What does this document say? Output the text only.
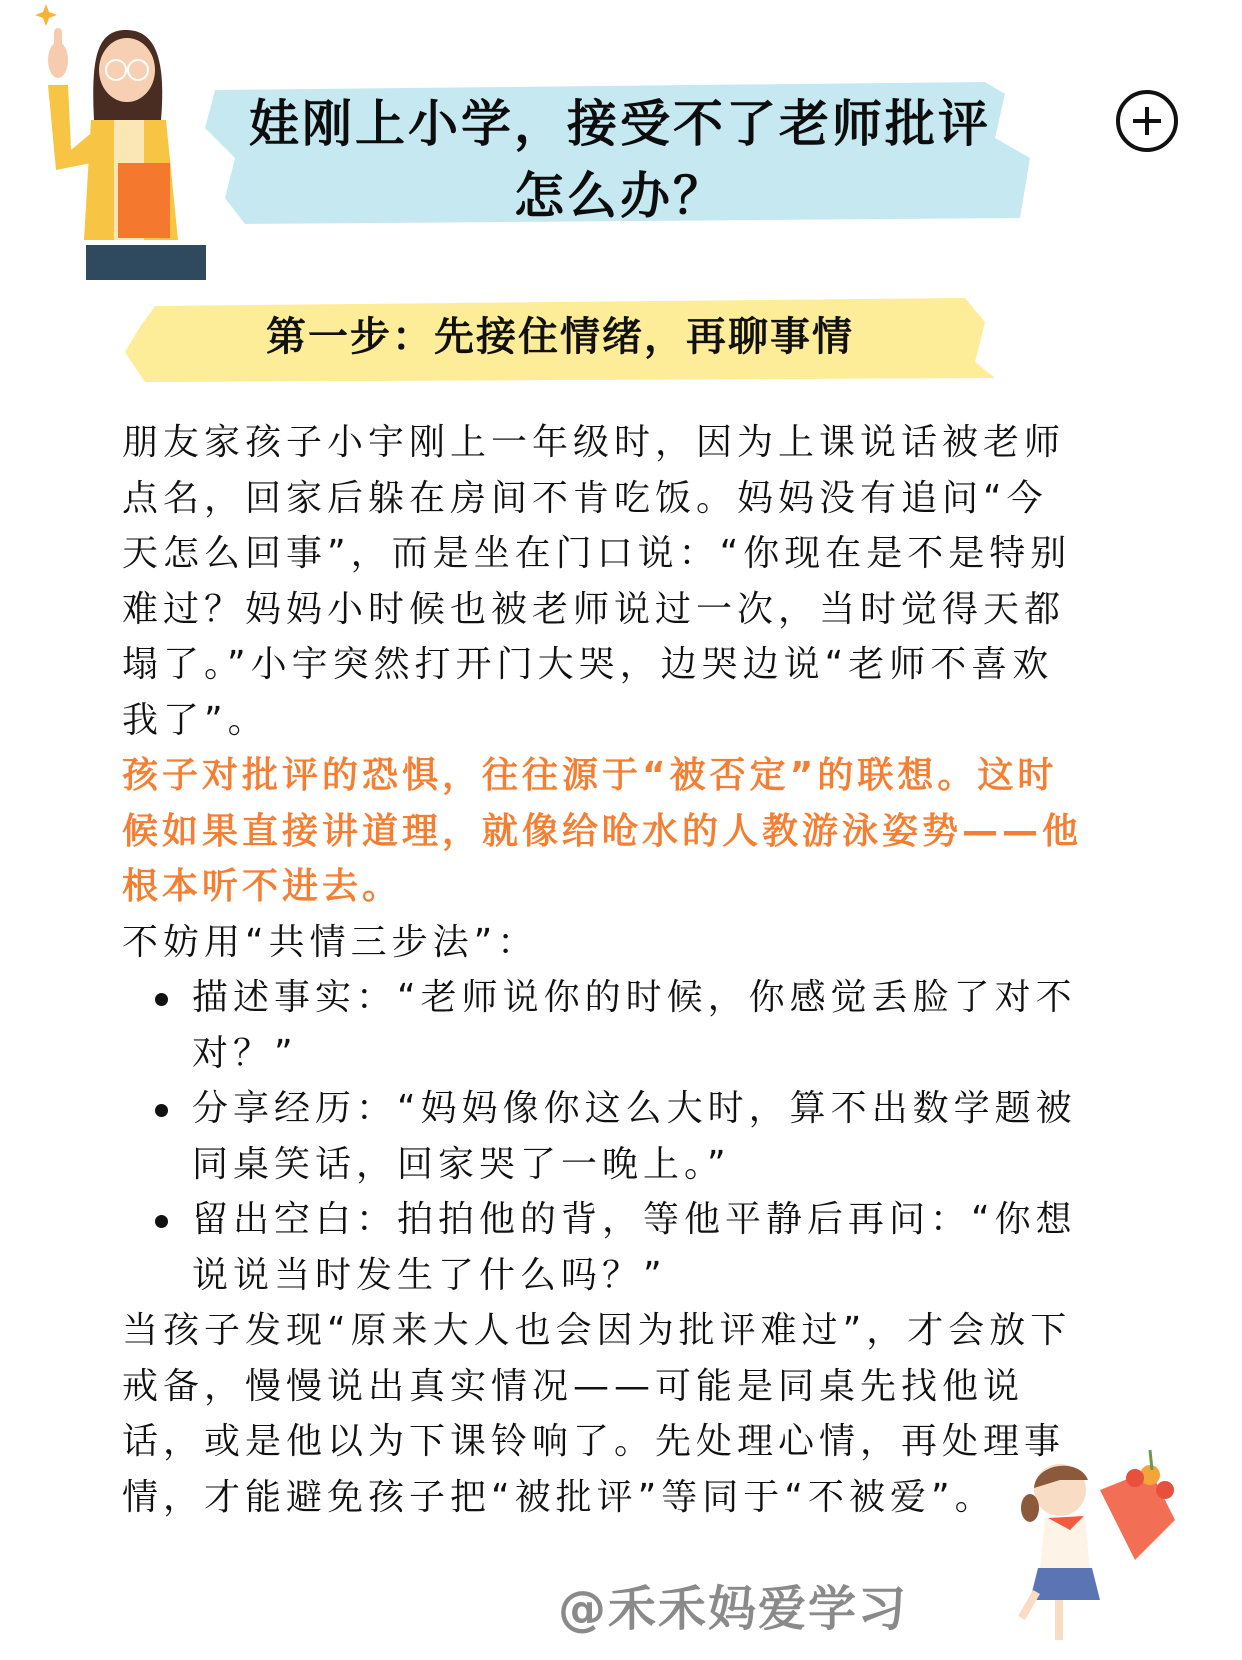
娃刚上小学，接受不了老师批评
怎么办？
第一步：先接住情绪，再聊事情

朋友家孩子小宇刚上一年级时，因为上课说话被老师点名，回家后躲在房间不肯吃饭。妈妈没有追问“今天怎么回事”，而是坐在门口说：“你现在是不是特别难过？妈妈小时候也被老师说过一次，当时觉得天都塌了。”小宇突然打开门大哭，边哭边说“老师不喜欢我了”。

孩子对批评的恐惧，往往源于“被否定”的联想。这时候如果直接讲道理，就像给呛水的人教游泳姿势——他根本听不进去。

不妨用“共情三步法”：

描述事实：“老师说你的时候，你感觉丢脸了对不对？”
分享经历：“妈妈像你这么大时，算不出数学题被同桌笑话，回家哭了一晚上。”
留出空白：拍拍他的背，等他平静后再问：“你想说说当时发生了什么吗？”

当孩子发现“原来大人也会因为批评难过”，才会放下戒备，慢慢说出真实情况——可能是同桌先找他说话，或是他以为下课铃响了。先处理心情，再处理事情，才能避免孩子把“被批评”等同于“不被爱”。

@禾禾妈爱学习
